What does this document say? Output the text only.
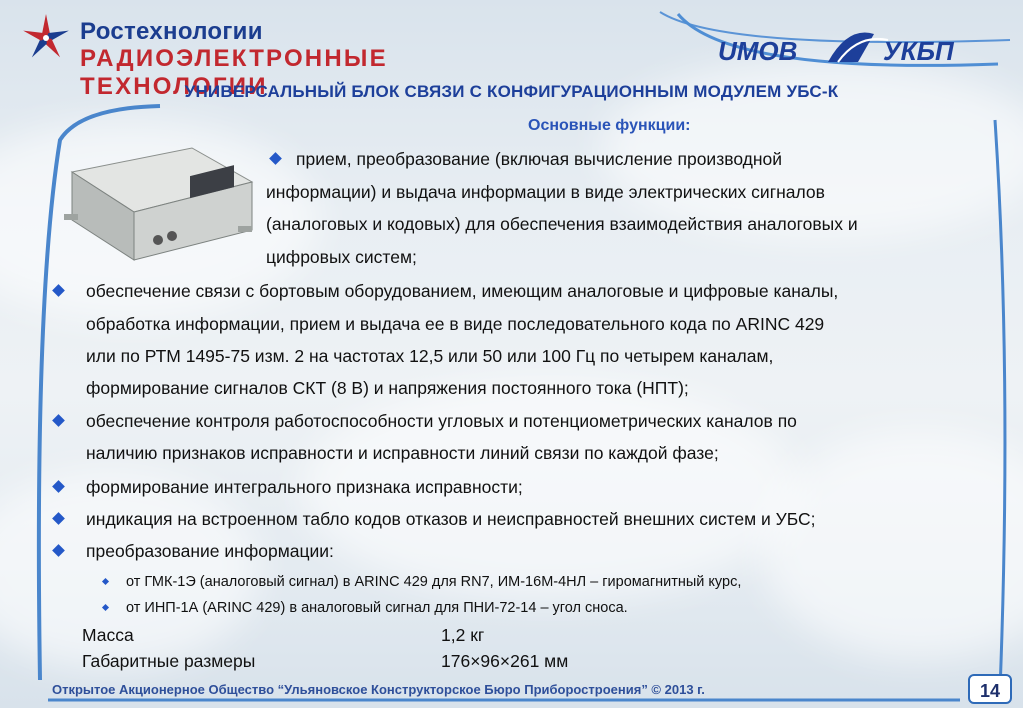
Ростехнологии
РАДИОЭЛЕКТРОННЫЕ ТЕХНОЛОГИИ
UMOB	УКБП
УНИВЕРСАЛЬНЫЙ БЛОК СВЯЗИ С КОНФИГУРАЦИОННЫМ МОДУЛЕМ УБС-К
Основные функции:
прием, преобразование (включая вычисление производной
информации) и выдача информации в виде электрических сигналов
(аналоговых и кодовых) для обеспечения взаимодействия аналоговых и
цифровых систем;
обеспечение связи с бортовым оборудованием, имеющим аналоговые и цифровые каналы,
обработка информации, прием и выдача ее в виде последовательного кода по ARINC 429
или по РТМ 1495-75 изм. 2 на частотах 12,5 или 50 или 100 Гц по четырем каналам,
формирование сигналов СКТ (8 В) и напряжения постоянного тока (НПТ);
обеспечение контроля работоспособности угловых и потенциометрических каналов по
наличию признаков исправности и исправности линий связи по каждой фазе;
формирование интегрального признака исправности;
индикация на встроенном табло кодов отказов и неисправностей внешних систем и УБС;
преобразование информации:
от ГМК-1Э (аналоговый сигнал) в ARINC 429 для RN7, ИМ-16М-4НЛ – гиромагнитный курс,
от ИНП-1А (ARINC 429) в аналоговый сигнал для ПНИ-72-14 – угол сноса.
Масса	1,2 кг
Габаритные размеры	176×96×261 мм
Открытое Акционерное Общество “Ульяновское Конструкторское Бюро Приборостроения” © 2013 г.	14
